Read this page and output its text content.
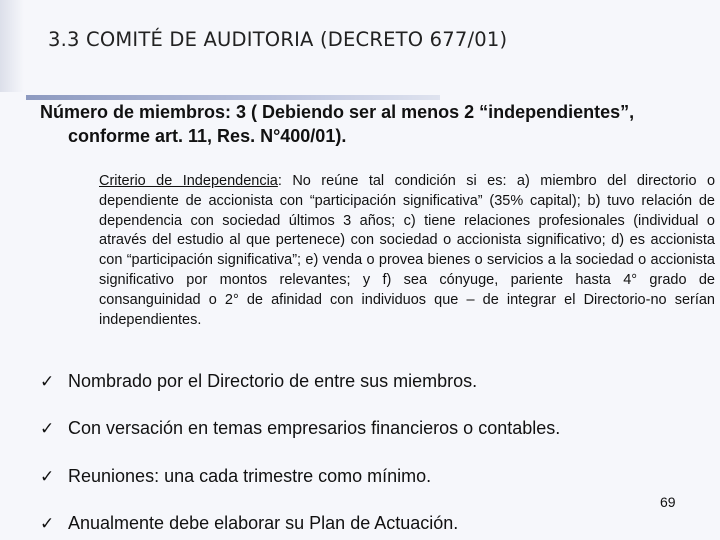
3.3 COMITÉ DE AUDITORIA (DECRETO 677/01)
Número de miembros: 3 ( Debiendo ser al menos 2 “independientes”,
conforme art. 11, Res. N°400/01).
Criterio de Independencia: No reúne tal condición si es: a) miembro del directorio o dependiente de accionista con “participación significativa” (35% capital); b) tuvo relación de dependencia con sociedad últimos 3 años; c) tiene relaciones profesionales (individual o através del estudio al que pertenece) con sociedad o accionista significativo; d) es accionista con “participación significativa”; e) venda o provea bienes o servicios a la sociedad o accionista significativo por montos relevantes; y f) sea cónyuge, pariente hasta 4° grado de consanguinidad o 2° de afinidad con individuos que – de integrar el Directorio-no serían independientes.
✓ Nombrado por el Directorio de entre sus miembros.
✓ Con versación en temas empresarios financieros o contables.
✓ Reuniones: una cada trimestre como mínimo.
✓ Anualmente debe elaborar su Plan de Actuación.
69
